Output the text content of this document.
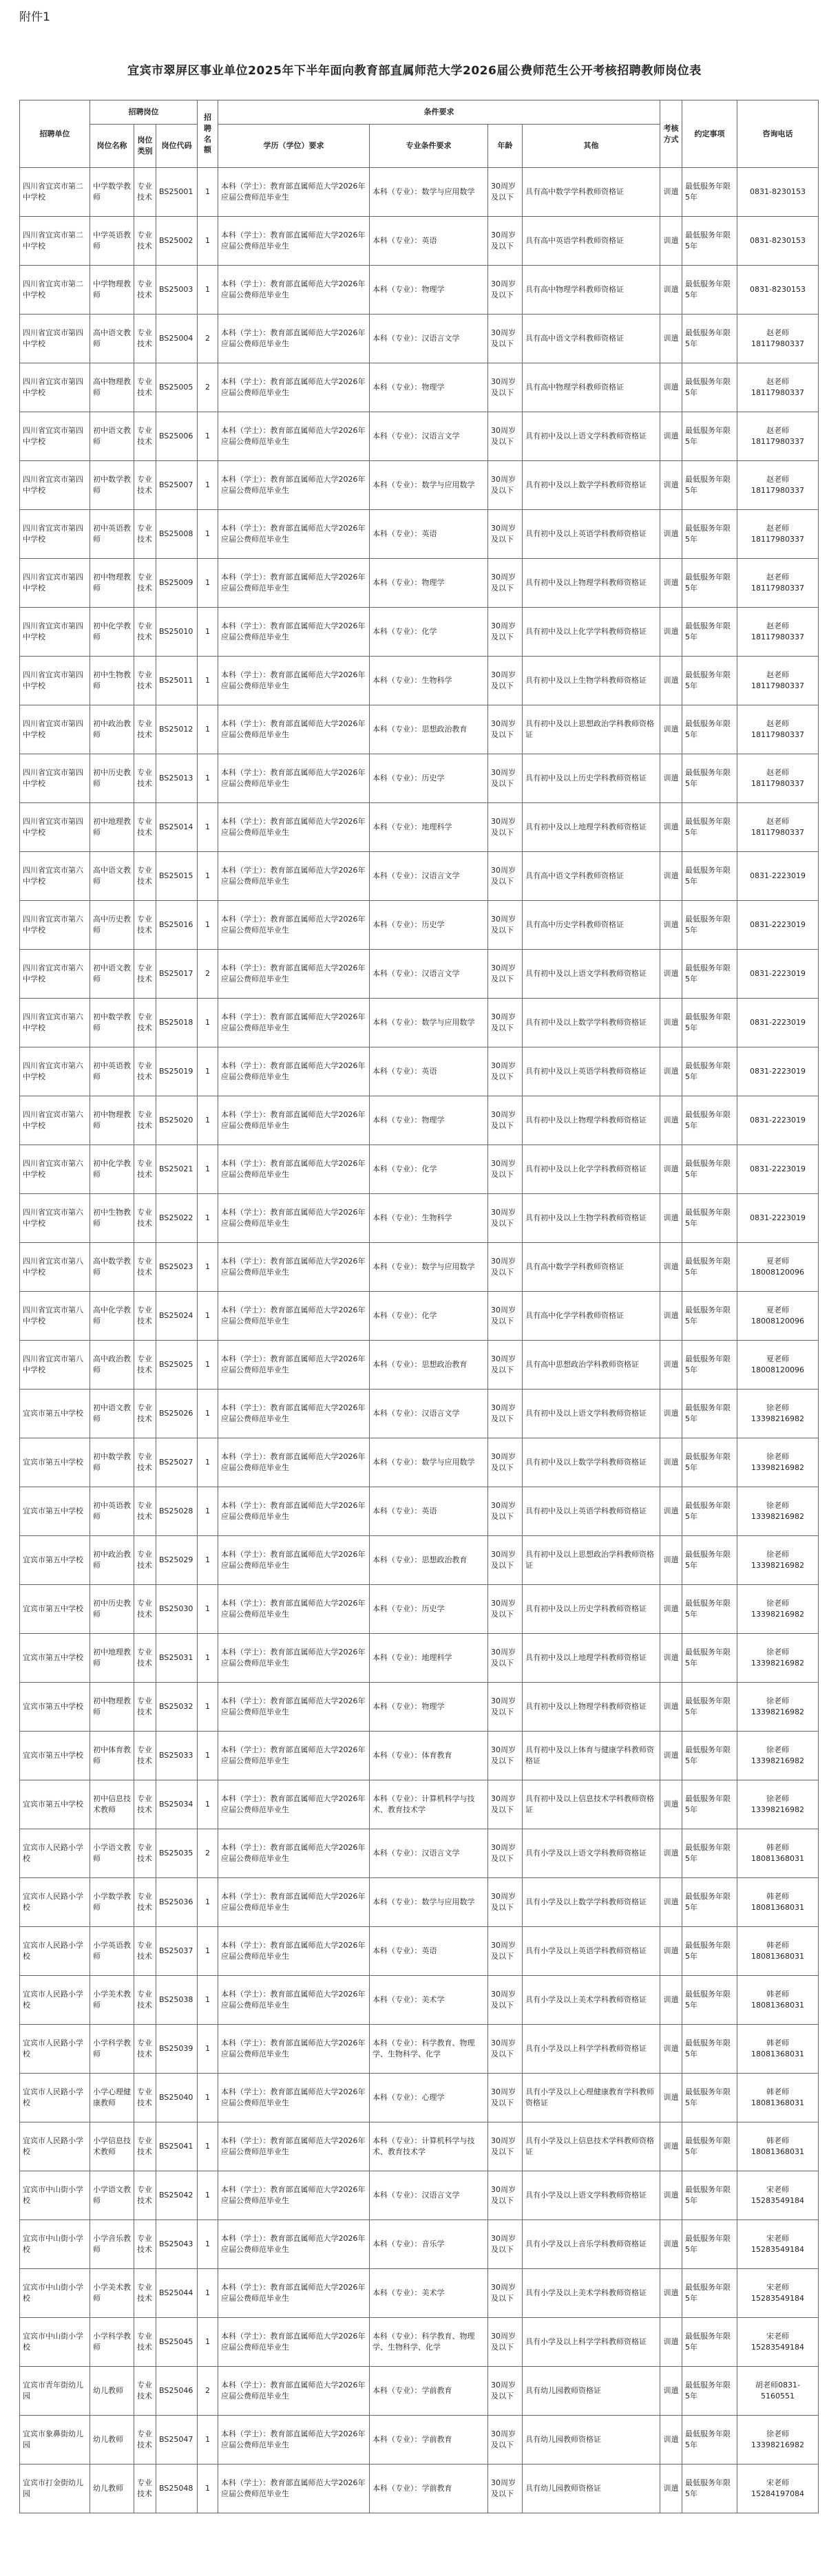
附件1
宜宾市翠屏区事业单位2025年下半年面向教育部直属师范大学2026届公费师范生公开考核招聘教师岗位表
招聘单位	招聘岗位			招聘名额	条件要求				考核方式	约定事项	咨询电话
	岗位名称	岗位类别	岗位代码		学历（学位）要求	专业条件要求	年龄	其他			
四川省宜宾市第二中学校	中学数学教师	专业技术	BS25001	1	本科（学士）：教育部直属师范大学2026年应届公费师范毕业生	本科（专业）：数学与应用数学	30周岁及以下	具有高中数学学科教师资格证	训遣	最低服务年限5年	0831-8230153
四川省宜宾市第二中学校	中学英语教师	专业技术	BS25002	1	本科（学士）：教育部直属师范大学2026年应届公费师范毕业生	本科（专业）：英语	30周岁及以下	具有高中英语学科教师资格证	训遣	最低服务年限5年	0831-8230153
四川省宜宾市第二中学校	中学物理教师	专业技术	BS25003	1	本科（学士）：教育部直属师范大学2026年应届公费师范毕业生	本科（专业）：物理学	30周岁及以下	具有高中物理学科教师资格证	训遣	最低服务年限5年	0831-8230153
四川省宜宾市第四中学校	高中语文教师	专业技术	BS25004	2	本科（学士）：教育部直属师范大学2026年应届公费师范毕业生	本科（专业）：汉语言文学	30周岁及以下	具有高中语文学科教师资格证	训遣	最低服务年限5年	赵老师18117980337
四川省宜宾市第四中学校	高中物理教师	专业技术	BS25005	2	本科（学士）：教育部直属师范大学2026年应届公费师范毕业生	本科（专业）：物理学	30周岁及以下	具有高中物理学科教师资格证	训遣	最低服务年限5年	赵老师18117980337
四川省宜宾市第四中学校	初中语文教师	专业技术	BS25006	1	本科（学士）：教育部直属师范大学2026年应届公费师范毕业生	本科（专业）：汉语言文学	30周岁及以下	具有初中及以上语文学科教师资格证	训遣	最低服务年限5年	赵老师18117980337
四川省宜宾市第四中学校	初中数学教师	专业技术	BS25007	1	本科（学士）：教育部直属师范大学2026年应届公费师范毕业生	本科（专业）：数学与应用数学	30周岁及以下	具有初中及以上数学学科教师资格证	训遣	最低服务年限5年	赵老师18117980337
四川省宜宾市第四中学校	初中英语教师	专业技术	BS25008	1	本科（学士）：教育部直属师范大学2026年应届公费师范毕业生	本科（专业）：英语	30周岁及以下	具有初中及以上英语学科教师资格证	训遣	最低服务年限5年	赵老师18117980337
四川省宜宾市第四中学校	初中物理教师	专业技术	BS25009	1	本科（学士）：教育部直属师范大学2026年应届公费师范毕业生	本科（专业）：物理学	30周岁及以下	具有初中及以上物理学科教师资格证	训遣	最低服务年限5年	赵老师18117980337
四川省宜宾市第四中学校	初中化学教师	专业技术	BS25010	1	本科（学士）：教育部直属师范大学2026年应届公费师范毕业生	本科（专业）：化学	30周岁及以下	具有初中及以上化学学科教师资格证	训遣	最低服务年限5年	赵老师18117980337
四川省宜宾市第四中学校	初中生物教师	专业技术	BS25011	1	本科（学士）：教育部直属师范大学2026年应届公费师范毕业生	本科（专业）：生物科学	30周岁及以下	具有初中及以上生物学科教师资格证	训遣	最低服务年限5年	赵老师18117980337
四川省宜宾市第四中学校	初中政治教师	专业技术	BS25012	1	本科（学士）：教育部直属师范大学2026年应届公费师范毕业生	本科（专业）：思想政治教育	30周岁及以下	具有初中及以上思想政治学科教师资格证	训遣	最低服务年限5年	赵老师18117980337
四川省宜宾市第四中学校	初中历史教师	专业技术	BS25013	1	本科（学士）：教育部直属师范大学2026年应届公费师范毕业生	本科（专业）：历史学	30周岁及以下	具有初中及以上历史学科教师资格证	训遣	最低服务年限5年	赵老师18117980337
四川省宜宾市第四中学校	初中地理教师	专业技术	BS25014	1	本科（学士）：教育部直属师范大学2026年应届公费师范毕业生	本科（专业）：地理科学	30周岁及以下	具有初中及以上地理学科教师资格证	训遣	最低服务年限5年	赵老师18117980337
四川省宜宾市第六中学校	高中语文教师	专业技术	BS25015	1	本科（学士）：教育部直属师范大学2026年应届公费师范毕业生	本科（专业）：汉语言文学	30周岁及以下	具有高中语文学科教师资格证	训遣	最低服务年限5年	0831-2223019
四川省宜宾市第六中学校	高中历史教师	专业技术	BS25016	1	本科（学士）：教育部直属师范大学2026年应届公费师范毕业生	本科（专业）：历史学	30周岁及以下	具有高中历史学科教师资格证	训遣	最低服务年限5年	0831-2223019
四川省宜宾市第六中学校	初中语文教师	专业技术	BS25017	2	本科（学士）：教育部直属师范大学2026年应届公费师范毕业生	本科（专业）：汉语言文学	30周岁及以下	具有初中及以上语文学科教师资格证	训遣	最低服务年限5年	0831-2223019
四川省宜宾市第六中学校	初中数学教师	专业技术	BS25018	1	本科（学士）：教育部直属师范大学2026年应届公费师范毕业生	本科（专业）：数学与应用数学	30周岁及以下	具有初中及以上数学学科教师资格证	训遣	最低服务年限5年	0831-2223019
四川省宜宾市第六中学校	初中英语教师	专业技术	BS25019	1	本科（学士）：教育部直属师范大学2026年应届公费师范毕业生	本科（专业）：英语	30周岁及以下	具有初中及以上英语学科教师资格证	训遣	最低服务年限5年	0831-2223019
四川省宜宾市第六中学校	初中物理教师	专业技术	BS25020	1	本科（学士）：教育部直属师范大学2026年应届公费师范毕业生	本科（专业）：物理学	30周岁及以下	具有初中及以上物理学科教师资格证	训遣	最低服务年限5年	0831-2223019
四川省宜宾市第六中学校	初中化学教师	专业技术	BS25021	1	本科（学士）：教育部直属师范大学2026年应届公费师范毕业生	本科（专业）：化学	30周岁及以下	具有初中及以上化学学科教师资格证	训遣	最低服务年限5年	0831-2223019
四川省宜宾市第六中学校	初中生物教师	专业技术	BS25022	1	本科（学士）：教育部直属师范大学2026年应届公费师范毕业生	本科（专业）：生物科学	30周岁及以下	具有初中及以上生物学科教师资格证	训遣	最低服务年限5年	0831-2223019
四川省宜宾市第八中学校	高中数学教师	专业技术	BS25023	1	本科（学士）：教育部直属师范大学2026年应届公费师范毕业生	本科（专业）：数学与应用数学	30周岁及以下	具有高中数学学科教师资格证	训遣	最低服务年限5年	夏老师18008120096
四川省宜宾市第八中学校	高中化学教师	专业技术	BS25024	1	本科（学士）：教育部直属师范大学2026年应届公费师范毕业生	本科（专业）：化学	30周岁及以下	具有高中化学学科教师资格证	训遣	最低服务年限5年	夏老师18008120096
四川省宜宾市第八中学校	高中政治教师	专业技术	BS25025	1	本科（学士）：教育部直属师范大学2026年应届公费师范毕业生	本科（专业）：思想政治教育	30周岁及以下	具有高中思想政治学科教师资格证	训遣	最低服务年限5年	夏老师18008120096
宜宾市第五中学校	初中语文教师	专业技术	BS25026	1	本科（学士）：教育部直属师范大学2026年应届公费师范毕业生	本科（专业）：汉语言文学	30周岁及以下	具有初中及以上语文学科教师资格证	训遣	最低服务年限5年	徐老师13398216982
宜宾市第五中学校	初中数学教师	专业技术	BS25027	1	本科（学士）：教育部直属师范大学2026年应届公费师范毕业生	本科（专业）：数学与应用数学	30周岁及以下	具有初中及以上数学学科教师资格证	训遣	最低服务年限5年	徐老师13398216982
宜宾市第五中学校	初中英语教师	专业技术	BS25028	1	本科（学士）：教育部直属师范大学2026年应届公费师范毕业生	本科（专业）：英语	30周岁及以下	具有初中及以上英语学科教师资格证	训遣	最低服务年限5年	徐老师13398216982
宜宾市第五中学校	初中政治教师	专业技术	BS25029	1	本科（学士）：教育部直属师范大学2026年应届公费师范毕业生	本科（专业）：思想政治教育	30周岁及以下	具有初中及以上思想政治学科教师资格证	训遣	最低服务年限5年	徐老师13398216982
宜宾市第五中学校	初中历史教师	专业技术	BS25030	1	本科（学士）：教育部直属师范大学2026年应届公费师范毕业生	本科（专业）：历史学	30周岁及以下	具有初中及以上历史学科教师资格证	训遣	最低服务年限5年	徐老师13398216982
宜宾市第五中学校	初中地理教师	专业技术	BS25031	1	本科（学士）：教育部直属师范大学2026年应届公费师范毕业生	本科（专业）：地理科学	30周岁及以下	具有初中及以上地理学科教师资格证	训遣	最低服务年限5年	徐老师13398216982
宜宾市第五中学校	初中物理教师	专业技术	BS25032	1	本科（学士）：教育部直属师范大学2026年应届公费师范毕业生	本科（专业）：物理学	30周岁及以下	具有初中及以上物理学科教师资格证	训遣	最低服务年限5年	徐老师13398216982
宜宾市第五中学校	初中体育教师	专业技术	BS25033	1	本科（学士）：教育部直属师范大学2026年应届公费师范毕业生	本科（专业）：体育教育	30周岁及以下	具有初中及以上体育与健康学科教师资格证	训遣	最低服务年限5年	徐老师13398216982
宜宾市第五中学校	初中信息技术教师	专业技术	BS25034	1	本科（学士）：教育部直属师范大学2026年应届公费师范毕业生	本科（专业）：计算机科学与技术、教育技术学	30周岁及以下	具有初中及以上信息技术学科教师资格证	训遣	最低服务年限5年	徐老师13398216982
宜宾市人民路小学校	小学语文教师	专业技术	BS25035	2	本科（学士）：教育部直属师范大学2026年应届公费师范毕业生	本科（专业）：汉语言文学	30周岁及以下	具有小学及以上语文学科教师资格证	训遣	最低服务年限5年	韩老师18081368031
宜宾市人民路小学校	小学数学教师	专业技术	BS25036	1	本科（学士）：教育部直属师范大学2026年应届公费师范毕业生	本科（专业）：数学与应用数学	30周岁及以下	具有小学及以上数学学科教师资格证	训遣	最低服务年限5年	韩老师18081368031
宜宾市人民路小学校	小学英语教师	专业技术	BS25037	1	本科（学士）：教育部直属师范大学2026年应届公费师范毕业生	本科（专业）：英语	30周岁及以下	具有小学及以上英语学科教师资格证	训遣	最低服务年限5年	韩老师18081368031
宜宾市人民路小学校	小学美术教师	专业技术	BS25038	1	本科（学士）：教育部直属师范大学2026年应届公费师范毕业生	本科（专业）：美术学	30周岁及以下	具有小学及以上美术学科教师资格证	训遣	最低服务年限5年	韩老师18081368031
宜宾市人民路小学校	小学科学教师	专业技术	BS25039	1	本科（学士）：教育部直属师范大学2026年应届公费师范毕业生	本科（专业）：科学教育、物理学、生物科学、化学	30周岁及以下	具有小学及以上科学学科教师资格证	训遣	最低服务年限5年	韩老师18081368031
宜宾市人民路小学校	小学心理健康教师	专业技术	BS25040	1	本科（学士）：教育部直属师范大学2026年应届公费师范毕业生	本科（专业）：心理学	30周岁及以下	具有小学及以上心理健康教育学科教师资格证	训遣	最低服务年限5年	韩老师18081368031
宜宾市人民路小学校	小学信息技术教师	专业技术	BS25041	1	本科（学士）：教育部直属师范大学2026年应届公费师范毕业生	本科（专业）：计算机科学与技术、教育技术学	30周岁及以下	具有小学及以上信息技术学科教师资格证	训遣	最低服务年限5年	韩老师18081368031
宜宾市中山街小学校	小学语文教师	专业技术	BS25042	1	本科（学士）：教育部直属师范大学2026年应届公费师范毕业生	本科（专业）：汉语言文学	30周岁及以下	具有小学及以上语文学科教师资格证	训遣	最低服务年限5年	宋老师15283549184
宜宾市中山街小学校	小学音乐教师	专业技术	BS25043	1	本科（学士）：教育部直属师范大学2026年应届公费师范毕业生	本科（专业）：音乐学	30周岁及以下	具有小学及以上音乐学科教师资格证	训遣	最低服务年限5年	宋老师15283549184
宜宾市中山街小学校	小学美术教师	专业技术	BS25044	1	本科（学士）：教育部直属师范大学2026年应届公费师范毕业生	本科（专业）：美术学	30周岁及以下	具有小学及以上美术学科教师资格证	训遣	最低服务年限5年	宋老师15283549184
宜宾市中山街小学校	小学科学教师	专业技术	BS25045	1	本科（学士）：教育部直属师范大学2026年应届公费师范毕业生	本科（专业）：科学教育、物理学、生物科学、化学	30周岁及以下	具有小学及以上科学学科教师资格证	训遣	最低服务年限5年	宋老师15283549184
宜宾市青年街幼儿园	幼儿教师	专业技术	BS25046	2	本科（学士）：教育部直属师范大学2026年应届公费师范毕业生	本科（专业）：学前教育	30周岁及以下	具有幼儿园教师资格证	训遣	最低服务年限5年	胡老师0831-5160551
宜宾市象鼻街幼儿园	幼儿教师	专业技术	BS25047	1	本科（学士）：教育部直属师范大学2026年应届公费师范毕业生	本科（专业）：学前教育	30周岁及以下	具有幼儿园教师资格证	训遣	最低服务年限5年	徐老师13398216982
宜宾市打金街幼儿园	幼儿教师	专业技术	BS25048	1	本科（学士）：教育部直属师范大学2026年应届公费师范毕业生	本科（专业）：学前教育	30周岁及以下	具有幼儿园教师资格证	训遣	最低服务年限5年	宋老师15284197084
